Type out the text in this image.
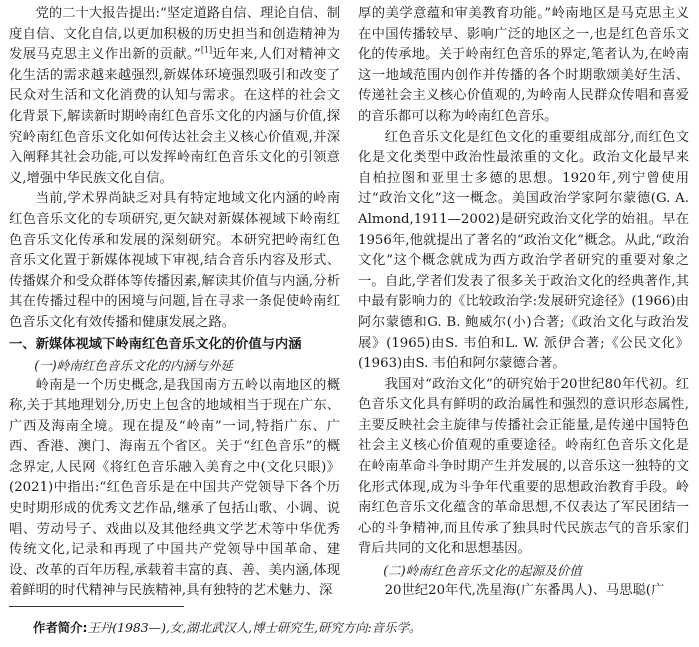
党的二十大报告提出:“坚定道路自信、理论自信、制度自信、文化自信,以更加积极的历史担当和创造精神为发展马克思主义作出新的贡献。”[1]近年来,人们对精神文化生活的需求越来越强烈,新媒体环境强烈吸引和改变了民众对生活和文化消费的认知与需求。在这样的社会文化背景下,解读新时期岭南红色音乐文化的内涵与价值,探究岭南红色音乐文化如何传达社会主义核心价值观,并深入阐释其社会功能,可以发挥岭南红色音乐文化的引领意义,增强中华民族文化自信。

当前,学术界尚缺乏对具有特定地域文化内涵的岭南红色音乐文化的专项研究,更欠缺对新媒体视域下岭南红色音乐文化传承和发展的深刻研究。本研究把岭南红色音乐文化置于新媒体视域下审视,结合音乐内容及形式、传播媒介和受众群体等传播因素,解读其价值与内涵,分析其在传播过程中的困境与问题,旨在寻求一条促使岭南红色音乐文化有效传播和健康发展之路。

一、新媒体视域下岭南红色音乐文化的价值与内涵

(一)岭南红色音乐文化的内涵与外延

岭南是一个历史概念,是我国南方五岭以南地区的概称,关于其地理划分,历史上包含的地域相当于现在广东、广西及海南全境。现在提及“岭南”一词,特指广东、广西、香港、澳门、海南五个省区。关于“红色音乐”的概念界定,人民网《将红色音乐融入美育之中(文化只眼)》(2021)中指出:“红色音乐是在中国共产党领导下各个历史时期形成的优秀文艺作品,继承了包括山歌、小调、说唱、劳动号子、戏曲以及其他经典文学艺术等中华优秀传统文化,记录和再现了中国共产党领导中国革命、建设、改革的百年历程,承载着丰富的真、善、美内涵,体现着鲜明的时代精神与民族精神,具有独特的艺术魅力、深

厚的美学意蕴和审美教育功能。”岭南地区是马克思主义在中国传播较早、影响广泛的地区之一,也是红色音乐文化的传承地。关于岭南红色音乐的界定,笔者认为,在岭南这一地域范围内创作并传播的各个时期歌颂美好生活、传递社会主义核心价值观的,为岭南人民群众传唱和喜爱的音乐都可以称为岭南红色音乐。

红色音乐文化是红色文化的重要组成部分,而红色文化是文化类型中政治性最浓重的文化。政治文化最早来自柏拉图和亚里士多德的思想。1920年,列宁曾使用过“政治文化”这一概念。美国政治学家阿尔蒙德(G. A. Almond,1911—2002)是研究政治文化学的始祖。早在1956年,他就提出了著名的“政治文化”概念。从此,“政治文化”这个概念就成为西方政治学者研究的重要对象之一。自此,学者们发表了很多关于政治文化的经典著作,其中最有影响力的《比较政治学:发展研究途径》(1966)由阿尔蒙德和G. B. 鲍威尔(小)合著;《政治文化与政治发展》(1965)由S. 韦伯和L. W. 派伊合著;《公民文化》(1963)由S. 韦伯和阿尔蒙德合著。

我国对“政治文化”的研究始于20世纪80年代初。红色音乐文化具有鲜明的政治属性和强烈的意识形态属性,主要反映社会主旋律与传播社会正能量,是传递中国特色社会主义核心价值观的重要途径。岭南红色音乐文化是在岭南革命斗争时期产生并发展的,以音乐这一独特的文化形式体现,成为斗争年代重要的思想政治教育手段。岭南红色音乐文化蕴含的革命思想,不仅表达了军民团结一心的斗争精神,而且传承了独具时代民族志气的音乐家们背后共同的文化和思想基因。

(二)岭南红色音乐文化的起源及价值

20世纪20年代,冼星海(广东番禺人)、马思聪(广

作者简介:王丹(1983—),女,湖北武汉人,博士研究生,研究方向:音乐学。
